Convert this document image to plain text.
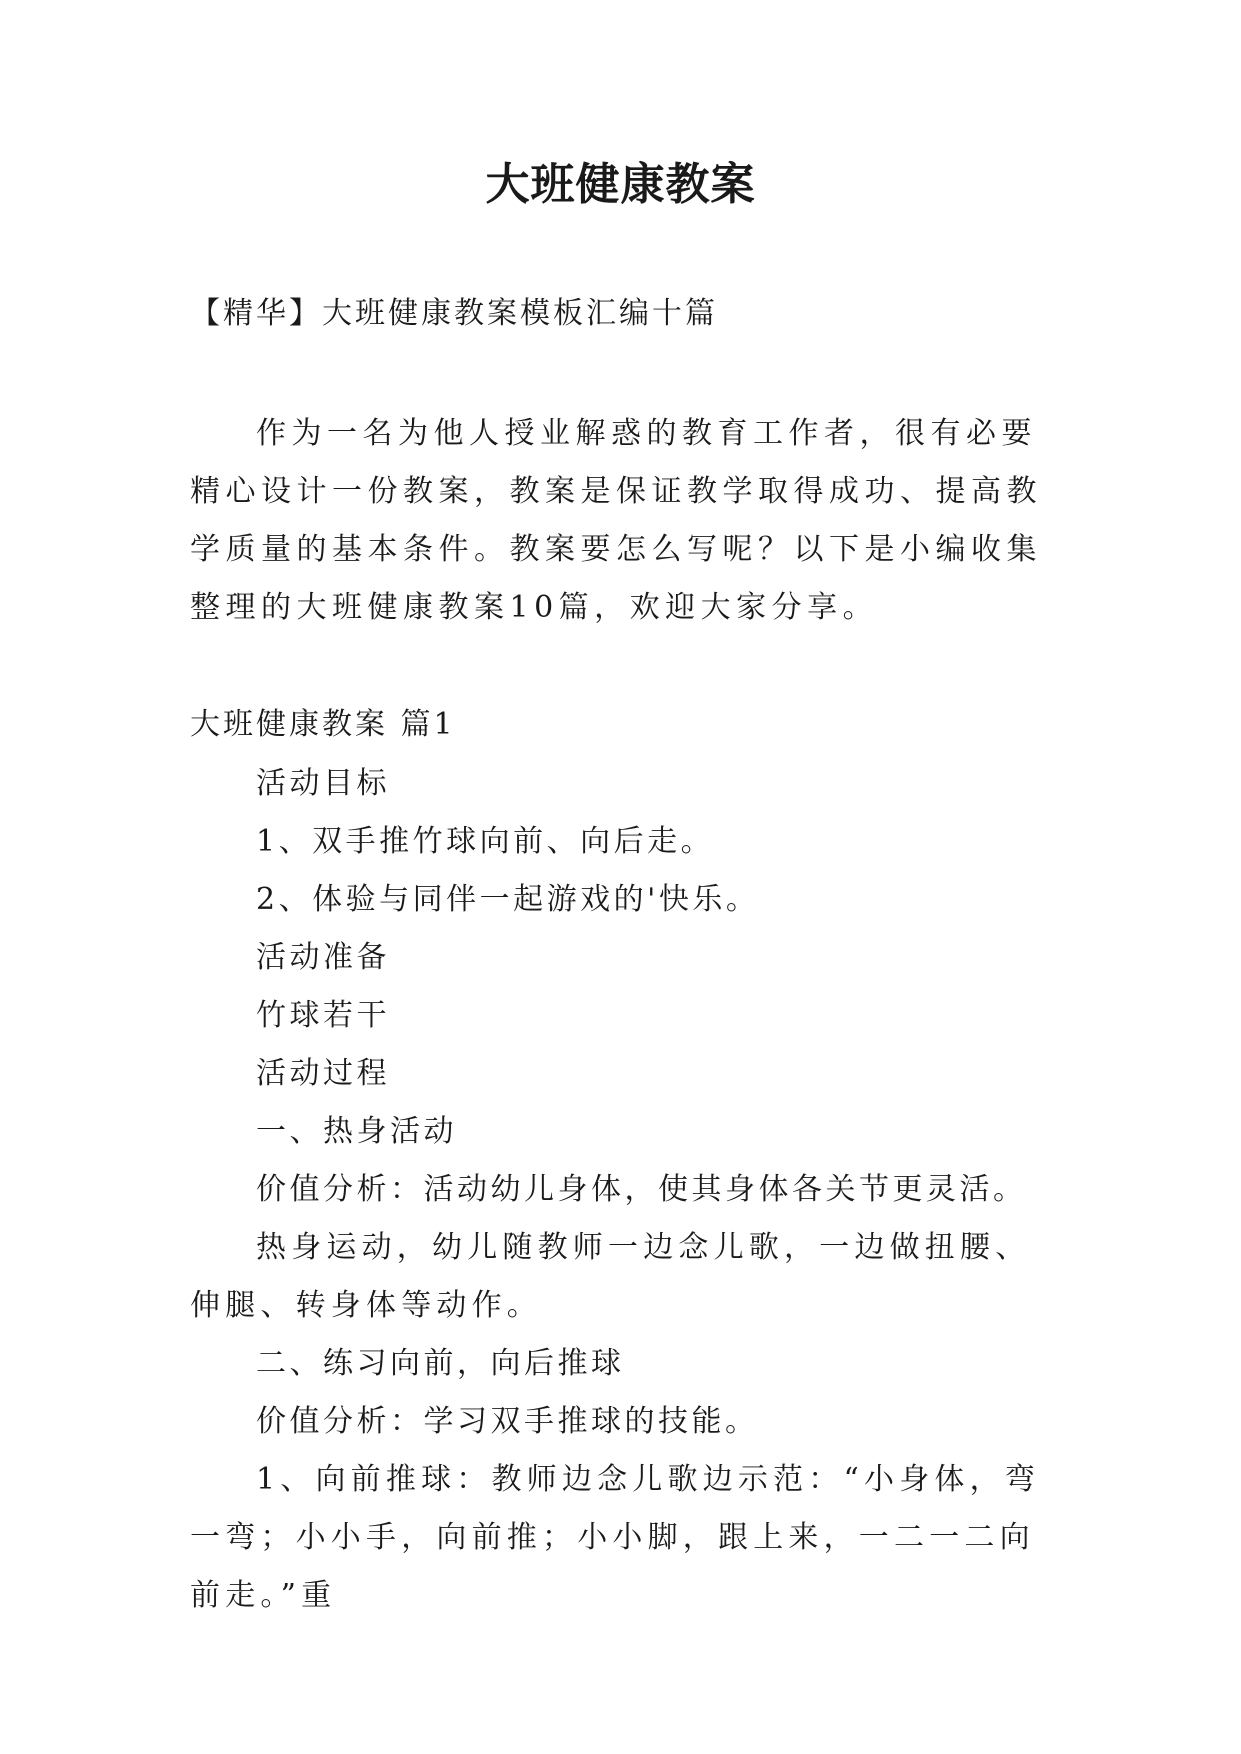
大班健康教案

【精华】大班健康教案模板汇编十篇

作为一名为他人授业解惑的教育工作者，很有必要精心设计一份教案，教案是保证教学取得成功、提高教学质量的基本条件。教案要怎么写呢？以下是小编收集整理的大班健康教案10篇，欢迎大家分享。

大班健康教案 篇1

活动目标

1、双手推竹球向前、向后走。

2、体验与同伴一起游戏的'快乐。

活动准备

竹球若干

活动过程

一、热身活动

价值分析：活动幼儿身体，使其身体各关节更灵活。

热身运动，幼儿随教师一边念儿歌，一边做扭腰、伸腿、转身体等动作。

二、练习向前，向后推球

价值分析：学习双手推球的技能。

1、向前推球：教师边念儿歌边示范：“小身体，弯一弯；小小手，向前推；小小脚，跟上来，一二一二向前走。”重
